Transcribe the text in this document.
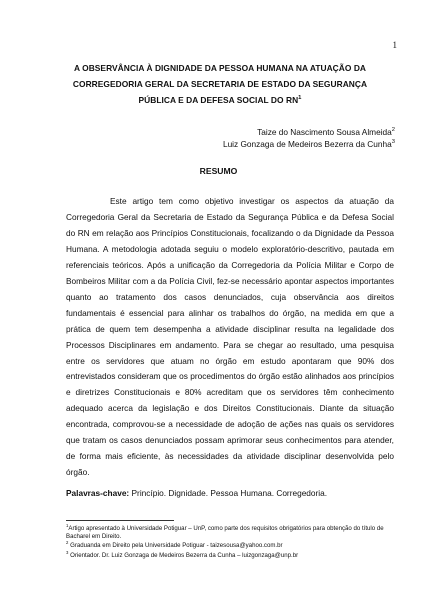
1
A OBSERVÂNCIA À DIGNIDADE DA PESSOA HUMANA NA ATUAÇÃO DA CORREGEDORIA GERAL DA SECRETARIA DE ESTADO DA SEGURANÇA PÚBLICA E DA DEFESA SOCIAL DO $RN^1$
Taize do Nascimento Sousa Almeida$^2$
Luiz Gonzaga de Medeiros Bezerra da Cunha$^3$
RESUMO
Este artigo tem como objetivo investigar os aspectos da atuação da Corregedoria Geral da Secretaria de Estado da Segurança Pública e da Defesa Social do RN em relação aos Princípios Constitucionais, focalizando o da Dignidade da Pessoa Humana. A metodologia adotada seguiu o modelo exploratório-descritivo, pautada em referenciais teóricos. Após a unificação da Corregedoria da Polícia Militar e Corpo de Bombeiros Militar com a da Polícia Civil, fez-se necessário apontar aspectos importantes quanto ao tratamento dos casos denunciados, cuja observância aos direitos fundamentais é essencial para alinhar os trabalhos do órgão, na medida em que a prática de quem tem desempenha a atividade disciplinar resulta na legalidade dos Processos Disciplinares em andamento. Para se chegar ao resultado, uma pesquisa entre os servidores que atuam no órgão em estudo apontaram que 90% dos entrevistados consideram que os procedimentos do órgão estão alinhados aos princípios e diretrizes Constitucionais e 80% acreditam que os servidores têm conhecimento adequado acerca da legislação e dos Direitos Constitucionais. Diante da situação encontrada, comprovou-se a necessidade de adoção de ações nas quais os servidores que tratam os casos denunciados possam aprimorar seus conhecimentos para atender, de forma mais eficiente, às necessidades da atividade disciplinar desenvolvida pelo órgão.
Palavras-chave: Princípio. Dignidade. Pessoa Humana. Corregedoria.

$^1$Artigo apresentado à Universidade Potiguar – UnP, como parte dos requisitos obrigatórios para obtenção do título de Bacharel em Direito.

$^2$ Graduanda em Direito pela Universidade Potiguar - taizesousa@yahoo.com.br

$^3$ Orientador. Dr. Luiz Gonzaga de Medeiros Bezerra da Cunha – luizgonzaga@unp.br
